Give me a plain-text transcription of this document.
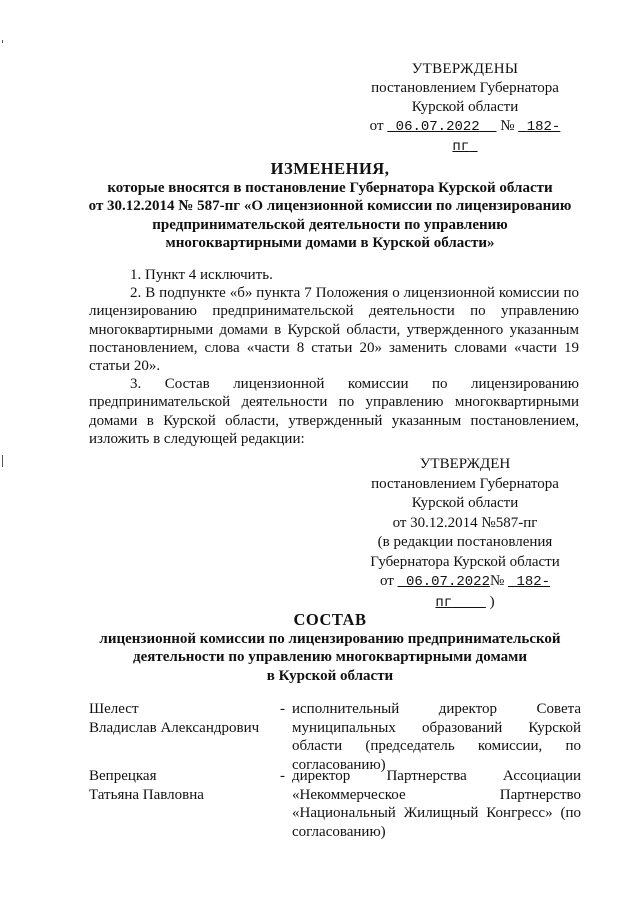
УТВЕРЖДЕНЫ
постановлением Губернатора
Курской области
от 06.07.2022 № 182-пг
ИЗМЕНЕНИЯ,
которые вносятся в постановление Губернатора Курской области
от 30.12.2014 № 587-пг «О лицензионной комиссии по лицензированию
предпринимательской деятельности по управлению
многоквартирными домами в Курской области»

1. Пункт 4 исключить.

2. В подпункте «б» пункта 7 Положения о лицензионной комиссии по лицензированию предпринимательской деятельности по управлению многоквартирными домами в Курской области, утвержденного указанным постановлением, слова «части 8 статьи 20» заменить словами «части 19 статьи 20».

3. Состав лицензионной комиссии по лицензированию предпринимательской деятельности по управлению многоквартирными домами в Курской области, утвержденный указанным постановлением, изложить в следующей редакции:

УТВЕРЖДЕН
постановлением Губернатора
Курской области
от 30.12.2014 №587-пг
(в редакции постановления
Губернатора Курской области
от 06.07.2022№ 182-пг )
СОСТАВ
лицензионной комиссии по лицензированию предпринимательской
деятельности по управлению многоквартирными домами
в Курской области
Шелест
Владислав Александрович
- исполнительный директор Совета муниципальных образований Курской области (председатель комиссии, по согласованию)
Вепрецкая
Татьяна Павловна
- директор Партнерства Ассоциации «Некоммерческое Партнерство «Национальный Жилищный Конгресс» (по согласованию)
